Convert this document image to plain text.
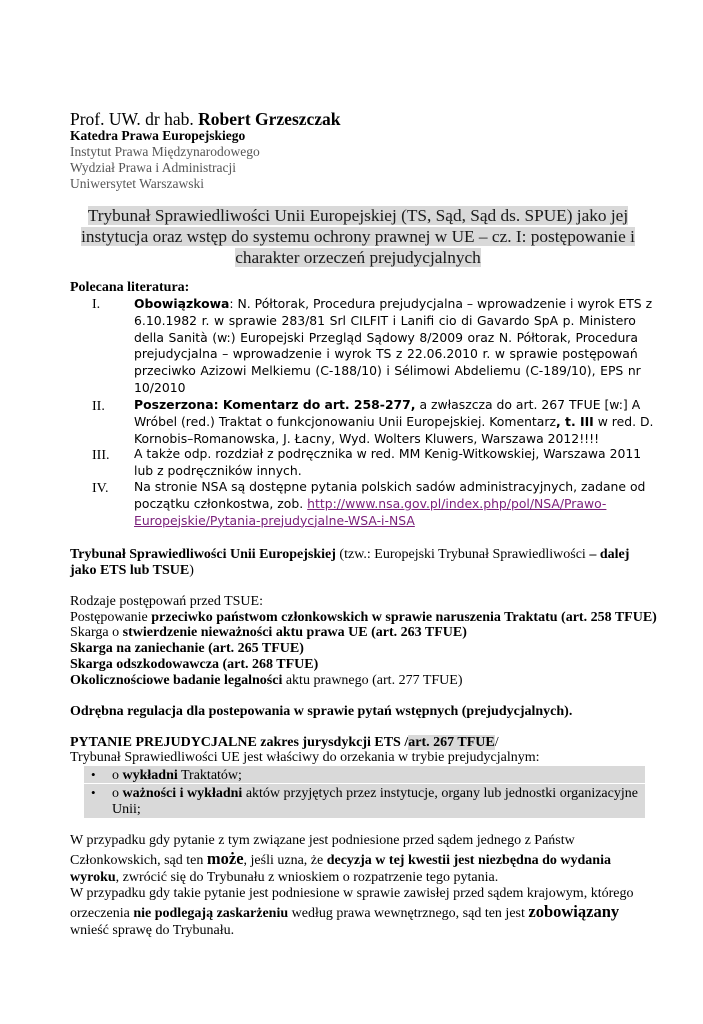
Prof. UW. dr hab. Robert Grzeszczak
Katedra Prawa Europejskiego
Instytut Prawa Międzynarodowego
Wydział Prawa i Administracji
Uniwersytet Warszawski
Trybunał Sprawiedliwości Unii Europejskiej (TS, Sąd, Sąd ds. SPUE) jako jej
instytucja oraz wstęp do systemu ochrony prawnej w UE – cz. I: postępowanie i
charakter orzeczeń prejudycjalnych
Polecana literatura:
I.	Obowiązkowa: N. Półtorak, Procedura prejudycjalna – wprowadzenie i wyrok ETS z
6.10.1982 r. w sprawie 283/81 Srl CILFIT i Lanifi cio di Gavardo SpA p. Ministero
della Sanità (w:) Europejski Przegląd Sądowy 8/2009 oraz N. Półtorak, Procedura
prejudycjalna – wprowadzenie i wyrok TS z 22.06.2010 r. w sprawie postępowań
przeciwko Azizowi Melkiemu (C-188/10) i Sélimowi Abdeliemu (C-189/10), EPS nr
10/2010
II. Poszerzona: Komentarz do art. 258-277, a zwłaszcza do art. 267 TFUE [w:] A
Wróbel (red.) Traktat o funkcjonowaniu Unii Europejskiej. Komentarz, t. III w red. D.
Kornobis–Romanowska, J. Łacny, Wyd. Wolters Kluwers, Warszawa 2012!!!!
III. A także odp. rozdział z podręcznika w red. MM Kenig-Witkowskiej, Warszawa 2011
lub z podręczników innych.
IV. Na stronie NSA są dostępne pytania polskich sadów administracyjnych, zadane od
początku członkostwa, zob. http://www.nsa.gov.pl/index.php/pol/NSA/Prawo-
Europejskie/Pytania-prejudycjalne-WSA-i-NSA
Trybunał Sprawiedliwości Unii Europejskiej (tzw.: Europejski Trybunał Sprawiedliwości – dalej
jako ETS lub TSUE)
Rodzaje postępowań przed TSUE:
Postępowanie przeciwko państwom członkowskich w sprawie naruszenia Traktatu (art. 258 TFUE)
Skarga o stwierdzenie nieważności aktu prawa UE (art. 263 TFUE)
Skarga na zaniechanie (art. 265 TFUE)
Skarga odszkodowawcza (art. 268 TFUE)
Okolicznościowe badanie legalności aktu prawnego (art. 277 TFUE)
Odrębna regulacja dla postepowania w sprawie pytań wstępnych (prejudycjalnych).
PYTANIE PREJUDYCJALNE zakres jurysdykcji ETS /art. 267 TFUE/
Trybunał Sprawiedliwości UE jest właściwy do orzekania w trybie prejudycjalnym:
• o wykładni Traktatów;
• o ważności i wykładni aktów przyjętych przez instytucje, organy lub jednostki organizacyjne
Unii;
W przypadku gdy pytanie z tym związane jest podniesione przed sądem jednego z Państw
Członkowskich, sąd ten może, jeśli uzna, że decyzja w tej kwestii jest niezbędna do wydania
wyroku, zwrócić się do Trybunału z wnioskiem o rozpatrzenie tego pytania.
W przypadku gdy takie pytanie jest podniesione w sprawie zawisłej przed sądem krajowym, którego
orzeczenia nie podlegają zaskarżeniu według prawa wewnętrznego, sąd ten jest zobowiązany
wnieść sprawę do Trybunału.
